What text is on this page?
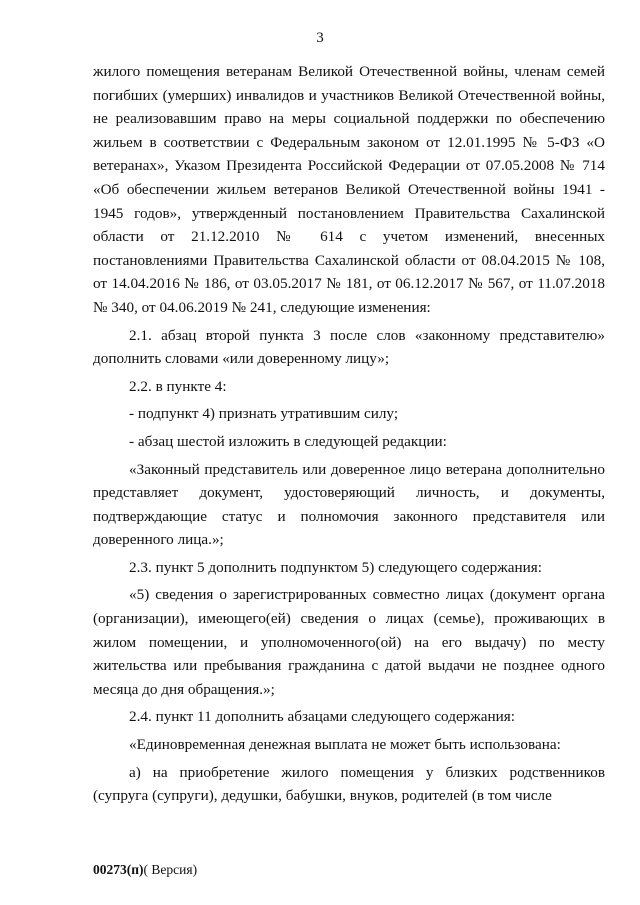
3

жилого помещения ветеранам Великой Отечественной войны, членам семей погибших (умерших) инвалидов и участников Великой Отечественной войны, не реализовавшим право на меры социальной поддержки по обеспечению жильем в соответствии с Федеральным законом от 12.01.1995 № 5-ФЗ «О ветеранах», Указом Президента Российской Федерации от 07.05.2008 № 714 «Об обеспечении жильем ветеранов Великой Отечественной войны 1941 - 1945 годов», утвержденный постановлением Правительства Сахалинской области от 21.12.2010 № 614 с учетом изменений, внесенных постановлениями Правительства Сахалинской области от 08.04.2015 № 108, от 14.04.2016 № 186, от 03.05.2017 № 181, от 06.12.2017 № 567, от 11.07.2018 № 340, от 04.06.2019 № 241, следующие изменения:

2.1. абзац второй пункта 3 после слов «законному представителю» дополнить словами «или доверенному лицу»;

2.2. в пункте 4:

- подпункт 4) признать утратившим силу;

- абзац шестой изложить в следующей редакции:

«Законный представитель или доверенное лицо ветерана дополнительно представляет документ, удостоверяющий личность, и документы, подтверждающие статус и полномочия законного представителя или доверенного лица.»;

2.3. пункт 5 дополнить подпунктом 5) следующего содержания:

«5) сведения о зарегистрированных совместно лицах (документ органа (организации), имеющего(ей) сведения о лицах (семье), проживающих в жилом помещении, и уполномоченного(ой) на его выдачу) по месту жительства или пребывания гражданина с датой выдачи не позднее одного месяца до дня обращения.»;

2.4. пункт 11 дополнить абзацами следующего содержания:

«Единовременная денежная выплата не может быть использована:

а) на приобретение жилого помещения у близких родственников (супруга (супруги), дедушки, бабушки, внуков, родителей (в том числе

00273(п)( Версия)
